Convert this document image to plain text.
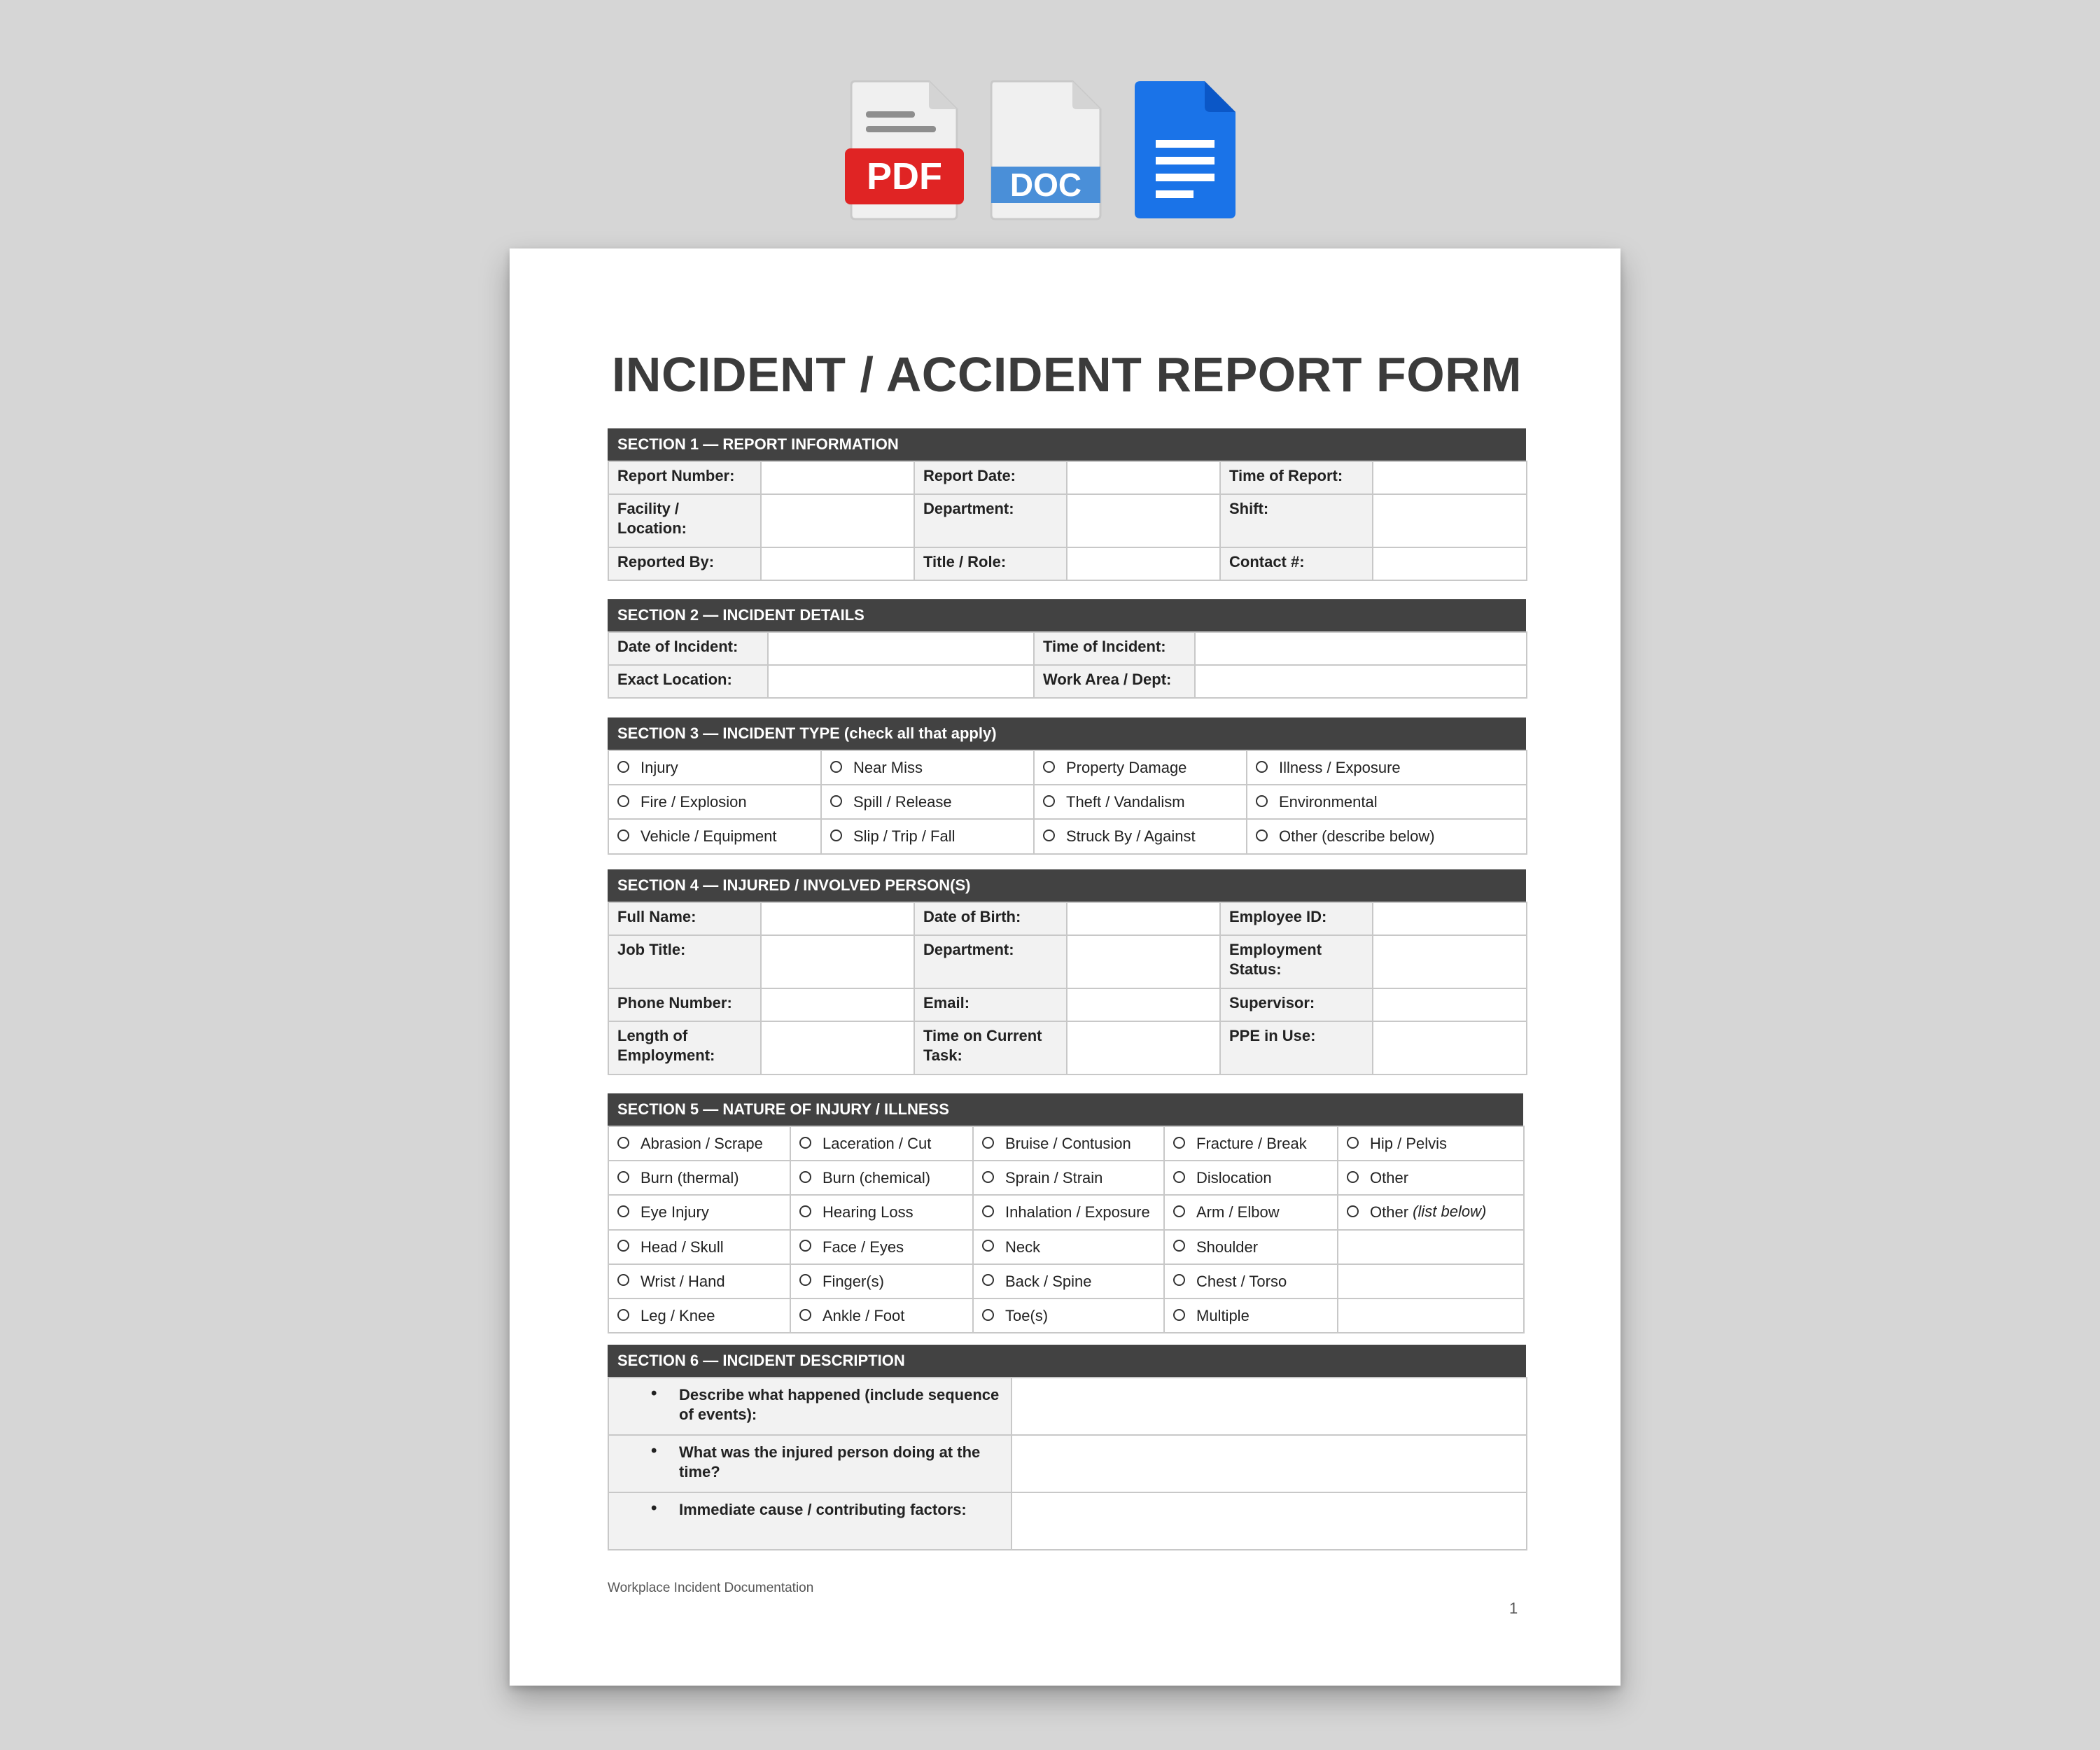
PDF DOC
INCIDENT / ACCIDENT REPORT FORM
SECTION 1 — REPORT INFORMATION
Report Number:		Report Date:		Time of Report:	
Facility / Location:		Department:		Shift:	
Reported By:		Title / Role:		Contact #:	
SECTION 2 — INCIDENT DETAILS
Date of Incident:		Time of Incident:	
Exact Location:		Work Area / Dept:	
SECTION 3 — INCIDENT TYPE (check all that apply)
Injury	Near Miss	Property Damage	Illness / Exposure
Fire / Explosion	Spill / Release	Theft / Vandalism	Environmental
Vehicle / Equipment	Slip / Trip / Fall	Struck By / Against	Other (describe below)
SECTION 4 — INJURED / INVOLVED PERSON(S)
Full Name:		Date of Birth:		Employee ID:	
Job Title:		Department:		Employment Status:	
Phone Number:		Email:		Supervisor:	
Length of Employment:		Time on Current Task:		PPE in Use:	
SECTION 5 — NATURE OF INJURY / ILLNESS
Abrasion / Scrape	Laceration / Cut	Bruise / Contusion	Fracture / Break	Hip / Pelvis
Burn (thermal)	Burn (chemical)	Sprain / Strain	Dislocation	Other
Eye Injury	Hearing Loss	Inhalation / Exposure	Arm / Elbow	Other (list below)
Head / Skull	Face / Eyes	Neck	Shoulder	
Wrist / Hand	Finger(s)	Back / Spine	Chest / Torso	
Leg / Knee	Ankle / Foot	Toe(s)	Multiple	
SECTION 6 — INCIDENT DESCRIPTION
• Describe what happened (include sequence of events):	

• What was the injured person doing at the time?	

• Immediate cause / contributing factors:	

Workplace Incident Documentation
1
